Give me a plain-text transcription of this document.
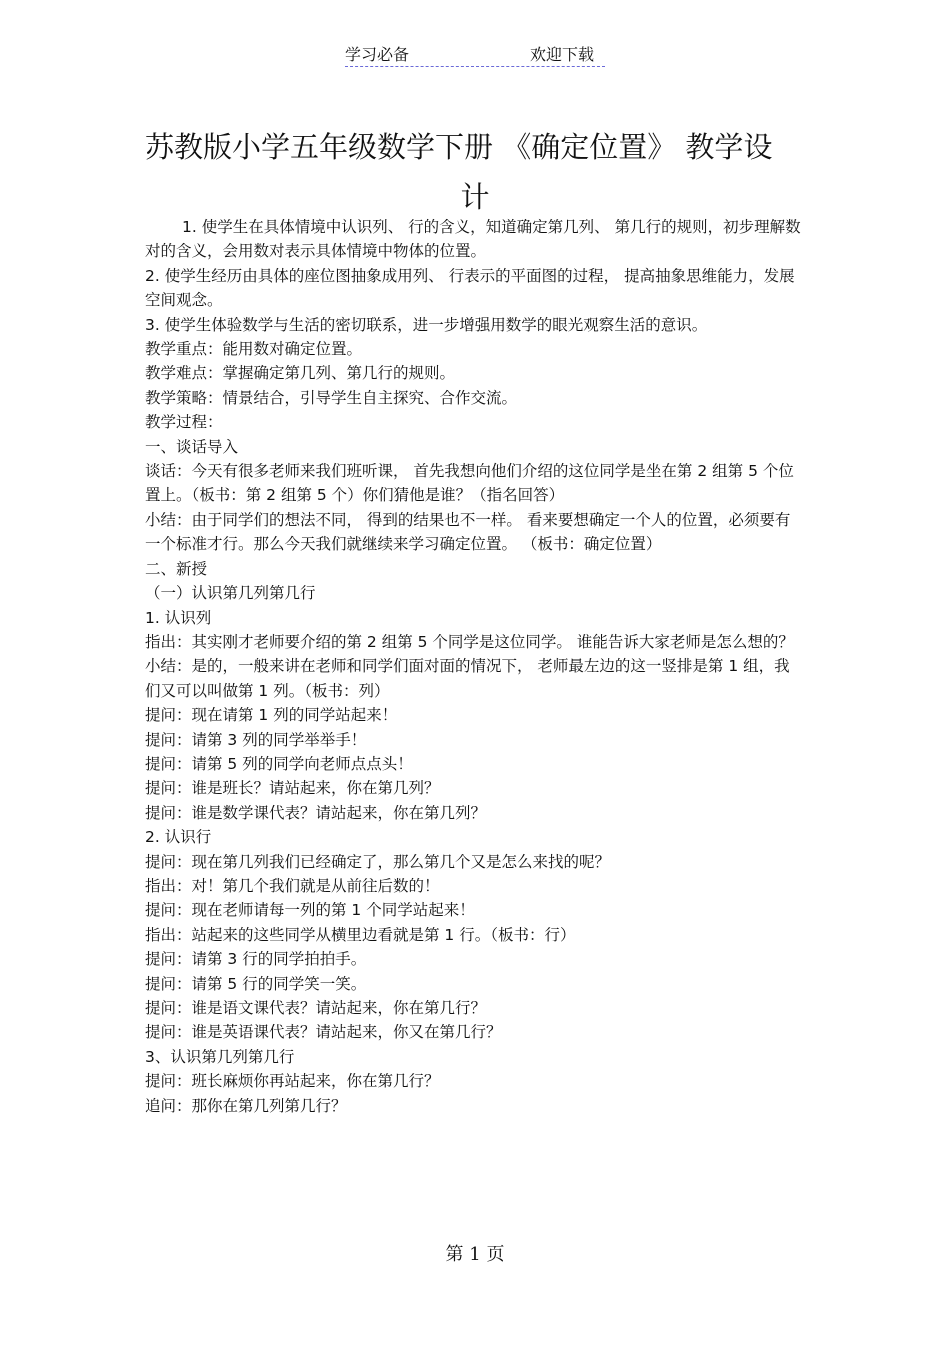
学习必备	欢迎下载
苏教版小学五年级数学下册 《确定位置》 教学设
计

1. 使学生在具体情境中认识列、 行的含义，知道确定第几列、 第几行的规则，初步理解数对的含义，会用数对表示具体情境中物体的位置。

2. 使学生经历由具体的座位图抽象成用列、 行表示的平面图的过程， 提高抽象思维能力，发展空间观念。

3. 使学生体验数学与生活的密切联系，进一步增强用数学的眼光观察生活的意识。

教学重点：能用数对确定位置。

教学难点：掌握确定第几列、第几行的规则。

教学策略：情景结合，引导学生自主探究、合作交流。

教学过程：

一、谈话导入

谈话：今天有很多老师来我们班听课， 首先我想向他们介绍的这位同学是坐在第 2 组第 5 个位置上。（板书：第 2 组第 5 个）你们猜他是谁？（指名回答）

小结：由于同学们的想法不同， 得到的结果也不一样。 看来要想确定一个人的位置，必须要有一个标准才行。那么今天我们就继续来学习确定位置。 （板书：确定位置）

二、新授

（一）认识第几列第几行

1. 认识列

指出：其实刚才老师要介绍的第 2 组第 5 个同学是这位同学。 谁能告诉大家老师是怎么想的？

小结：是的，一般来讲在老师和同学们面对面的情况下， 老师最左边的这一竖排是第 1 组，我们又可以叫做第 1 列。（板书：列）

提问：现在请第 1 列的同学站起来！

提问：请第 3 列的同学举举手！

提问：请第 5 列的同学向老师点点头！

提问：谁是班长？请站起来，你在第几列？

提问：谁是数学课代表？请站起来，你在第几列？

2. 认识行

提问：现在第几列我们已经确定了，那么第几个又是怎么来找的呢？

指出：对！第几个我们就是从前往后数的！

提问：现在老师请每一列的第 1 个同学站起来！

指出：站起来的这些同学从横里边看就是第 1 行。（板书：行）

提问：请第 3 行的同学拍拍手。

提问：请第 5 行的同学笑一笑。

提问：谁是语文课代表？请站起来，你在第几行？

提问：谁是英语课代表？请站起来，你又在第几行？

3、认识第几列第几行

提问：班长麻烦你再站起来，你在第几行？

追问：那你在第几列第几行？

第 1 页
